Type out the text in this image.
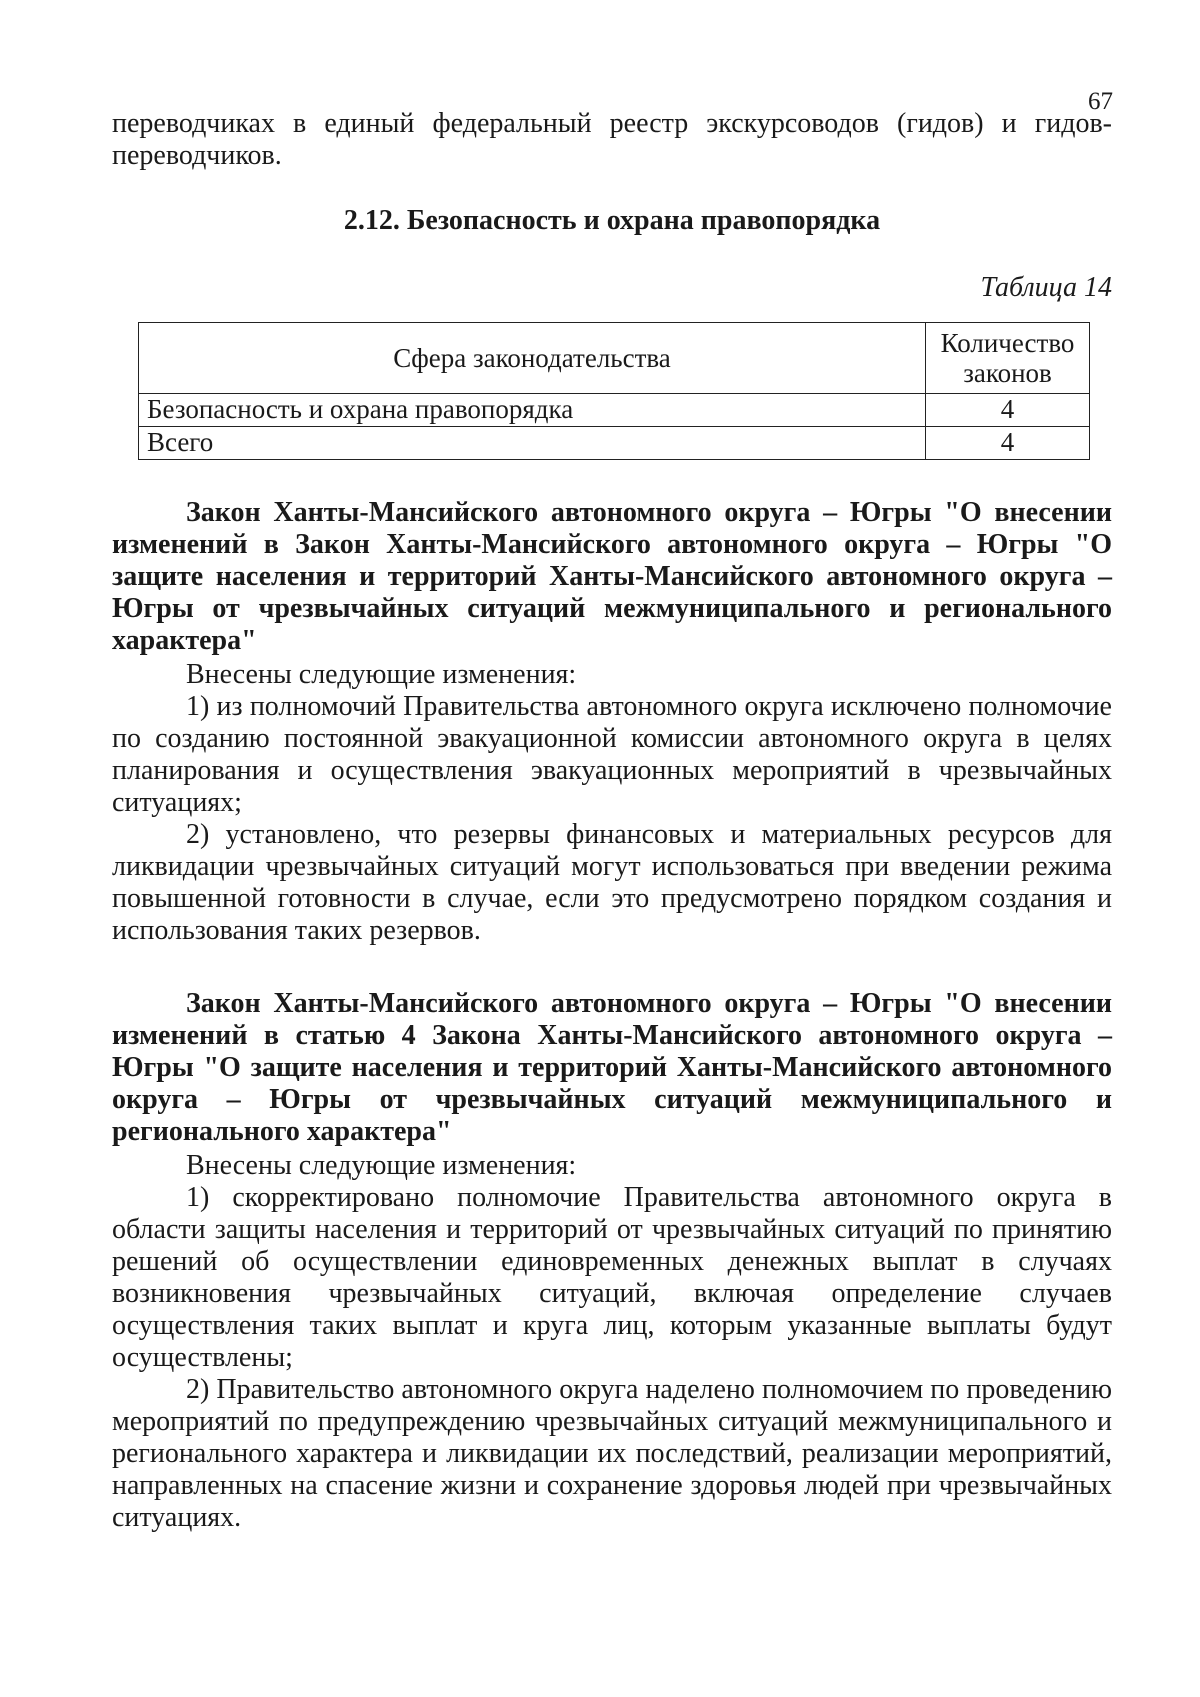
67
переводчиках в единый федеральный реестр экскурсоводов (гидов) и гидов-переводчиков.
2.12. Безопасность и охрана правопорядка
Таблица 14
Сфера законодательства	Количество законов
Безопасность и охрана правопорядка	4
Всего	4

Закон Ханты-Мансийского автономного округа – Югры "О внесении изменений в Закон Ханты-Мансийского автономного округа – Югры "О защите населения и территорий Ханты-Мансийского автономного округа – Югры от чрезвычайных ситуаций межмуниципального и регионального характера"

Внесены следующие изменения:

1) из полномочий Правительства автономного округа исключено полномочие по созданию постоянной эвакуационной комиссии автономного округа в целях планирования и осуществления эвакуационных мероприятий в чрезвычайных ситуациях;

2) установлено, что резервы финансовых и материальных ресурсов для ликвидации чрезвычайных ситуаций могут использоваться при введении режима повышенной готовности в случае, если это предусмотрено порядком создания и использования таких резервов.

Закон Ханты-Мансийского автономного округа – Югры "О внесении изменений в статью 4 Закона Ханты-Мансийского автономного округа – Югры "О защите населения и территорий Ханты-Мансийского автономного округа – Югры от чрезвычайных ситуаций межмуниципального и регионального характера"

Внесены следующие изменения:

1) скорректировано полномочие Правительства автономного округа в области защиты населения и территорий от чрезвычайных ситуаций по принятию решений об осуществлении единовременных денежных выплат в случаях возникновения чрезвычайных ситуаций, включая определение случаев осуществления таких выплат и круга лиц, которым указанные выплаты будут осуществлены;

2) Правительство автономного округа наделено полномочием по проведению мероприятий по предупреждению чрезвычайных ситуаций межмуниципального и регионального характера и ликвидации их последствий, реализации мероприятий, направленных на спасение жизни и сохранение здоровья людей при чрезвычайных ситуациях.
